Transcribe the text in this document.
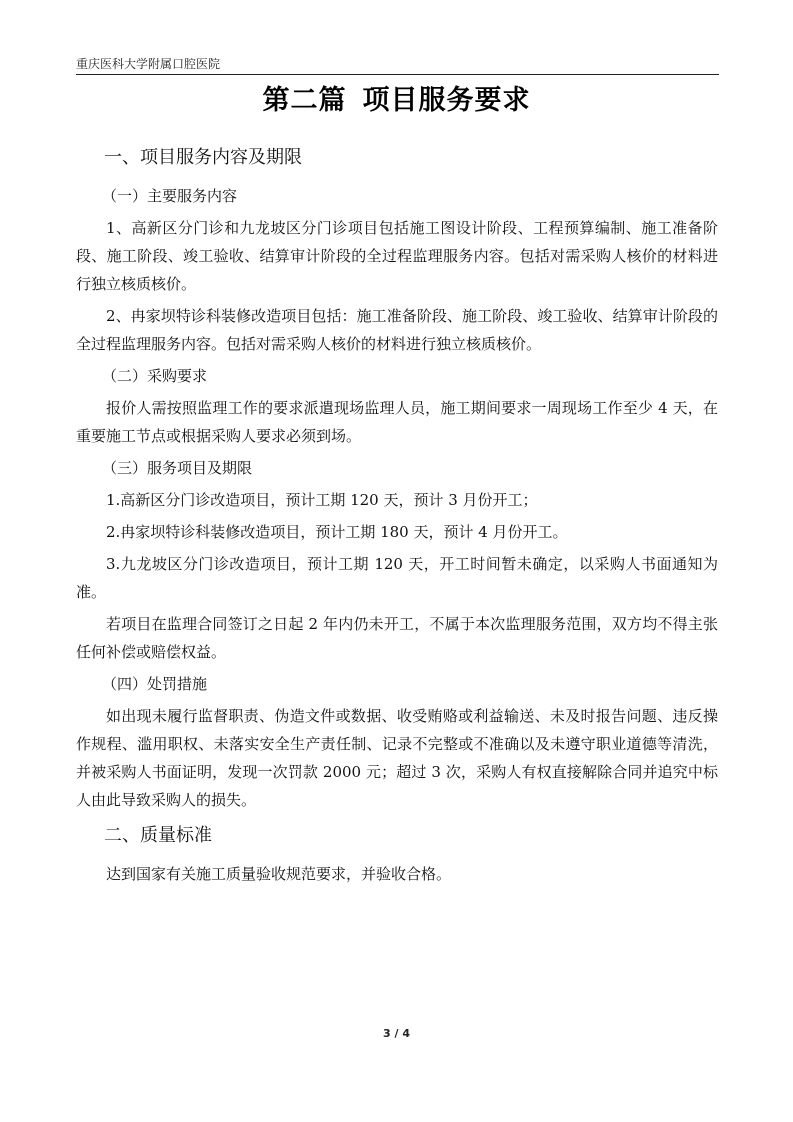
重庆医科大学附属口腔医院
第二篇 项目服务要求
一、项目服务内容及期限
（一）主要服务内容
1、高新区分门诊和九龙坡区分门诊项目包括施工图设计阶段、工程预算编制、施工准备阶段、施工阶段、竣工验收、结算审计阶段的全过程监理服务内容。包括对需采购人核价的材料进行独立核质核价。
2、冉家坝特诊科装修改造项目包括：施工准备阶段、施工阶段、竣工验收、结算审计阶段的全过程监理服务内容。包括对需采购人核价的材料进行独立核质核价。
（二）采购要求
报价人需按照监理工作的要求派遣现场监理人员，施工期间要求一周现场工作至少 4 天，在重要施工节点或根据采购人要求必须到场。
（三）服务项目及期限
1.高新区分门诊改造项目，预计工期 120 天，预计 3 月份开工；
2.冉家坝特诊科装修改造项目，预计工期 180 天，预计 4 月份开工。
3.九龙坡区分门诊改造项目，预计工期 120 天，开工时间暂未确定，以采购人书面通知为准。
若项目在监理合同签订之日起 2 年内仍未开工，不属于本次监理服务范围，双方均不得主张任何补偿或赔偿权益。
（四）处罚措施
如出现未履行监督职责、伪造文件或数据、收受贿赂或利益输送、未及时报告问题、违反操作规程、滥用职权、未落实安全生产责任制、记录不完整或不准确以及未遵守职业道德等清洗，并被采购人书面证明，发现一次罚款 2000 元；超过 3 次，采购人有权直接解除合同并追究中标人由此导致采购人的损失。
二、质量标准
达到国家有关施工质量验收规范要求，并验收合格。
3 / 4
